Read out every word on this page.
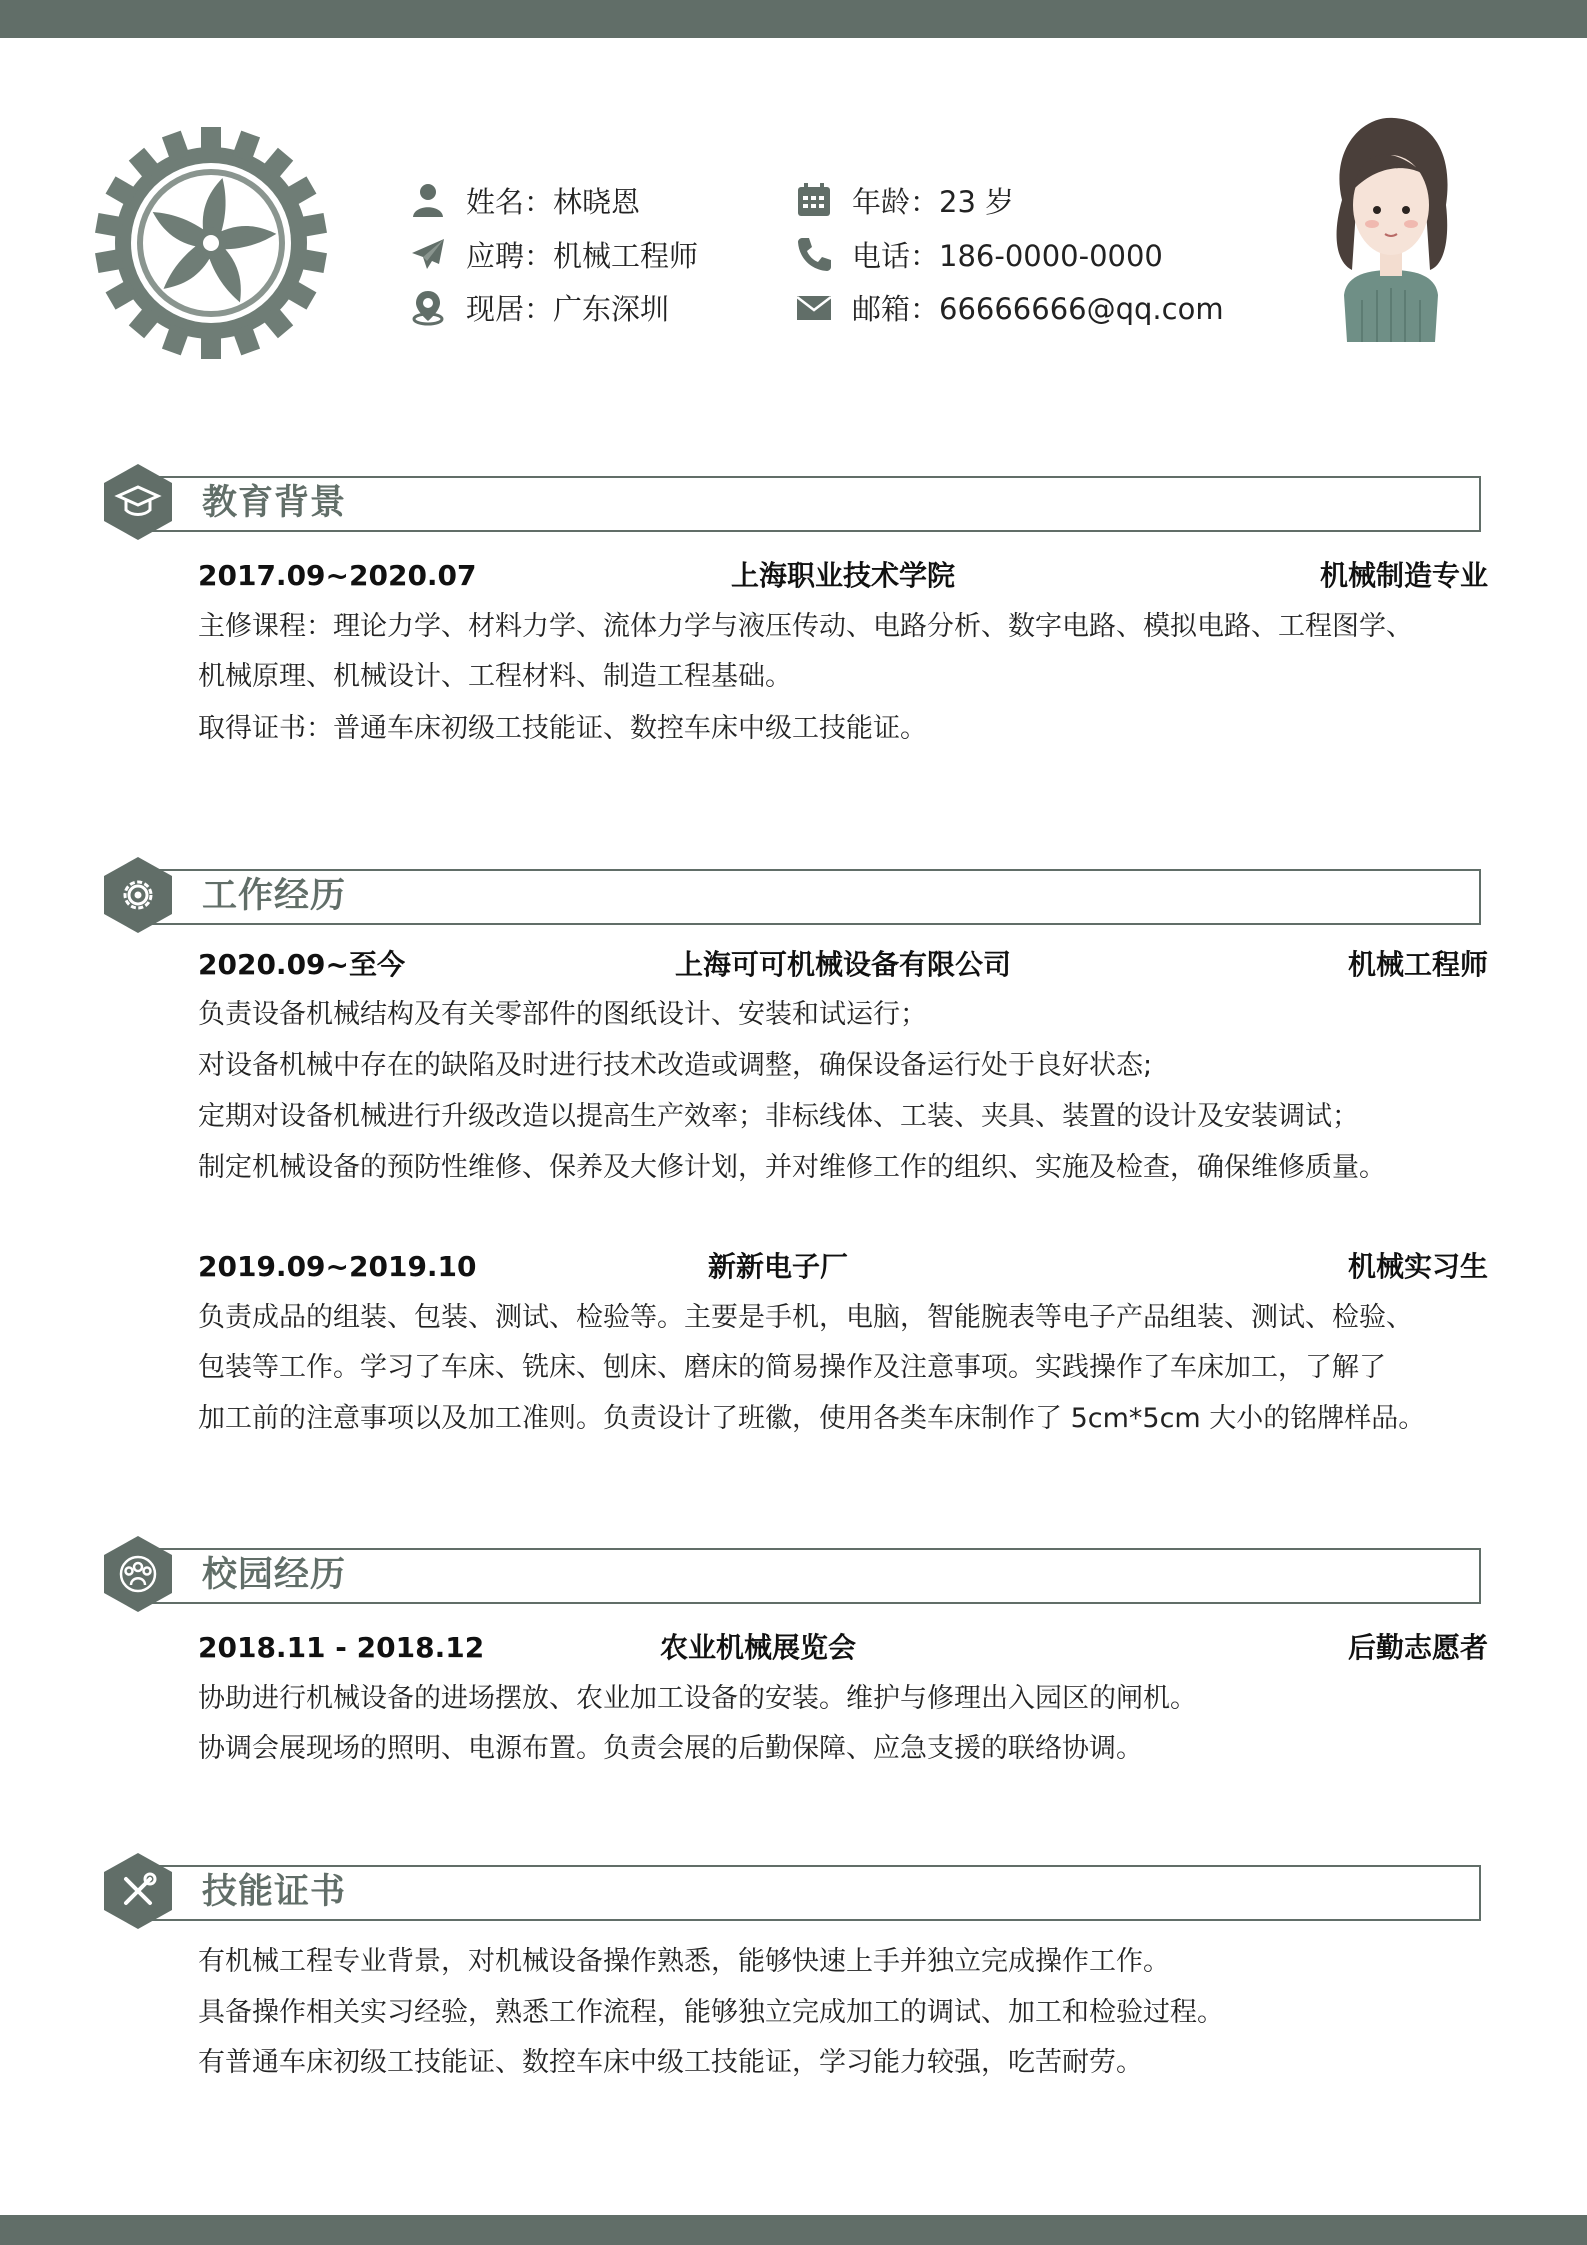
姓名：林晓恩
应聘：机械工程师
现居：广东深圳
年龄：23 岁
电话：186-0000-0000
邮箱：66666666@qq.com
教育背景
2017.09~2020.07	上海职业技术学院	机械制造专业
主修课程：理论力学、材料力学、流体力学与液压传动、电路分析、数字电路、模拟电路、工程图学、
机械原理、机械设计、工程材料、制造工程基础。
取得证书：普通车床初级工技能证、数控车床中级工技能证。
工作经历
2020.09~至今	上海可可机械设备有限公司	机械工程师
负责设备机械结构及有关零部件的图纸设计、安装和试运行；
对设备机械中存在的缺陷及时进行技术改造或调整，确保设备运行处于良好状态;
定期对设备机械进行升级改造以提高生产效率；非标线体、工装、夹具、装置的设计及安装调试；
制定机械设备的预防性维修、保养及大修计划，并对维修工作的组织、实施及检查，确保维修质量。
2019.09~2019.10	新新电子厂	机械实习生
负责成品的组装、包装、测试、检验等。主要是手机，电脑，智能腕表等电子产品组装、测试、检验、
包装等工作。学习了车床、铣床、刨床、磨床的简易操作及注意事项。实践操作了车床加工，了解了
加工前的注意事项以及加工准则。负责设计了班徽，使用各类车床制作了 5cm*5cm 大小的铭牌样品。
校园经历
2018.11 - 2018.12	农业机械展览会	后勤志愿者
协助进行机械设备的进场摆放、农业加工设备的安装。维护与修理出入园区的闸机。
协调会展现场的照明、电源布置。负责会展的后勤保障、应急支援的联络协调。
技能证书
有机械工程专业背景，对机械设备操作熟悉，能够快速上手并独立完成操作工作。
具备操作相关实习经验，熟悉工作流程，能够独立完成加工的调试、加工和检验过程。
有普通车床初级工技能证、数控车床中级工技能证，学习能力较强，吃苦耐劳。
